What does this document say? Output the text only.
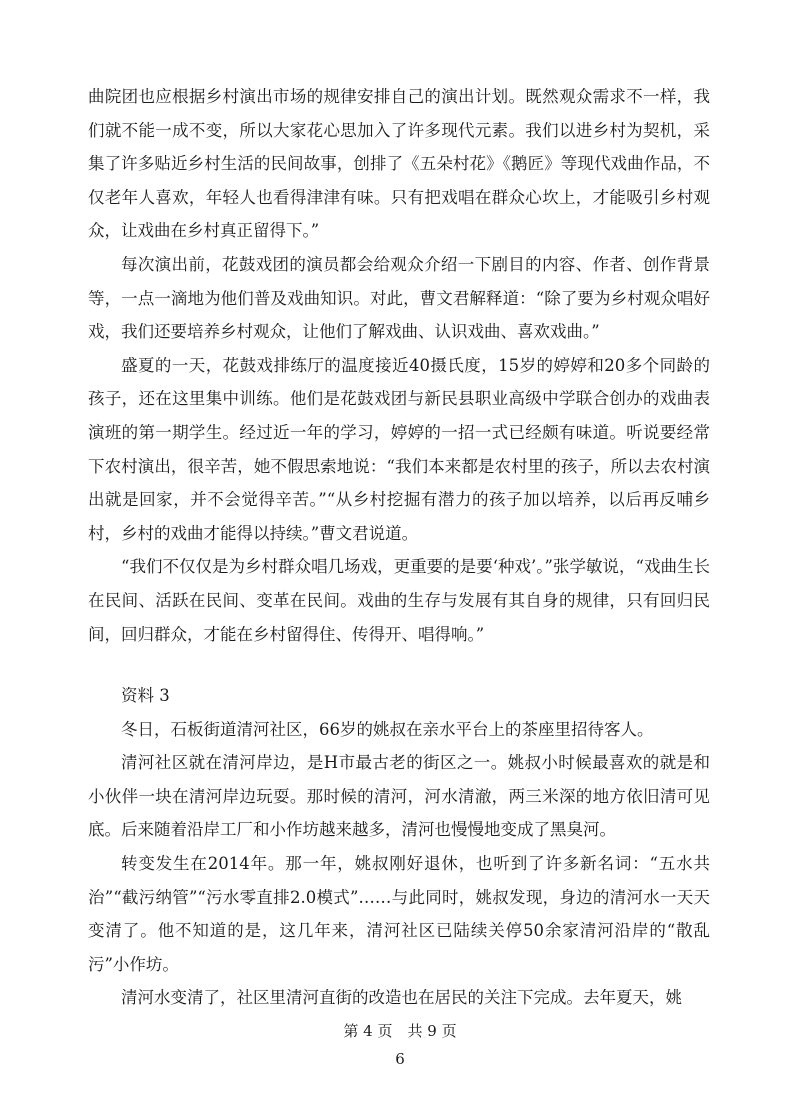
曲院团也应根据乡村演出市场的规律安排自己的演出计划。既然观众需求不一样，我们就不能一成不变，所以大家花心思加入了许多现代元素。我们以进乡村为契机，采集了许多贴近乡村生活的民间故事，创排了《五朵村花》《鹅匠》等现代戏曲作品，不仅老年人喜欢，年轻人也看得津津有味。只有把戏唱在群众心坎上，才能吸引乡村观众，让戏曲在乡村真正留得下。”

每次演出前，花鼓戏团的演员都会给观众介绍一下剧目的内容、作者、创作背景等，一点一滴地为他们普及戏曲知识。对此，曹文君解释道：“除了要为乡村观众唱好戏，我们还要培养乡村观众，让他们了解戏曲、认识戏曲、喜欢戏曲。”

盛夏的一天，花鼓戏排练厅的温度接近40摄氏度，15岁的婷婷和20多个同龄的孩子，还在这里集中训练。他们是花鼓戏团与新民县职业高级中学联合创办的戏曲表演班的第一期学生。经过近一年的学习，婷婷的一招一式已经颇有味道。听说要经常下农村演出，很辛苦，她不假思索地说：“我们本来都是农村里的孩子，所以去农村演出就是回家，并不会觉得辛苦。”“从乡村挖掘有潜力的孩子加以培养，以后再反哺乡村，乡村的戏曲才能得以持续。”曹文君说道。

“我们不仅仅是为乡村群众唱几场戏，更重要的是要‘种戏’。”张学敏说，“戏曲生长在民间、活跃在民间、变革在民间。戏曲的生存与发展有其自身的规律，只有回归民间，回归群众，才能在乡村留得住、传得开、唱得响。”

资料 3

冬日，石板街道清河社区，66岁的姚叔在亲水平台上的茶座里招待客人。

清河社区就在清河岸边，是H市最古老的街区之一。姚叔小时候最喜欢的就是和小伙伴一块在清河岸边玩耍。那时候的清河，河水清澈，两三米深的地方依旧清可见底。后来随着沿岸工厂和小作坊越来越多，清河也慢慢地变成了黑臭河。

转变发生在2014年。那一年，姚叔刚好退休，也听到了许多新名词：“五水共治”“截污纳管”“污水零直排2.0模式”……与此同时，姚叔发现，身边的清河水一天天变清了。他不知道的是，这几年来，清河社区已陆续关停50余家清河沿岸的“散乱污”小作坊。

清河水变清了，社区里清河直街的改造也在居民的关注下完成。去年夏天，姚

第 4 页　共 9 页
6
